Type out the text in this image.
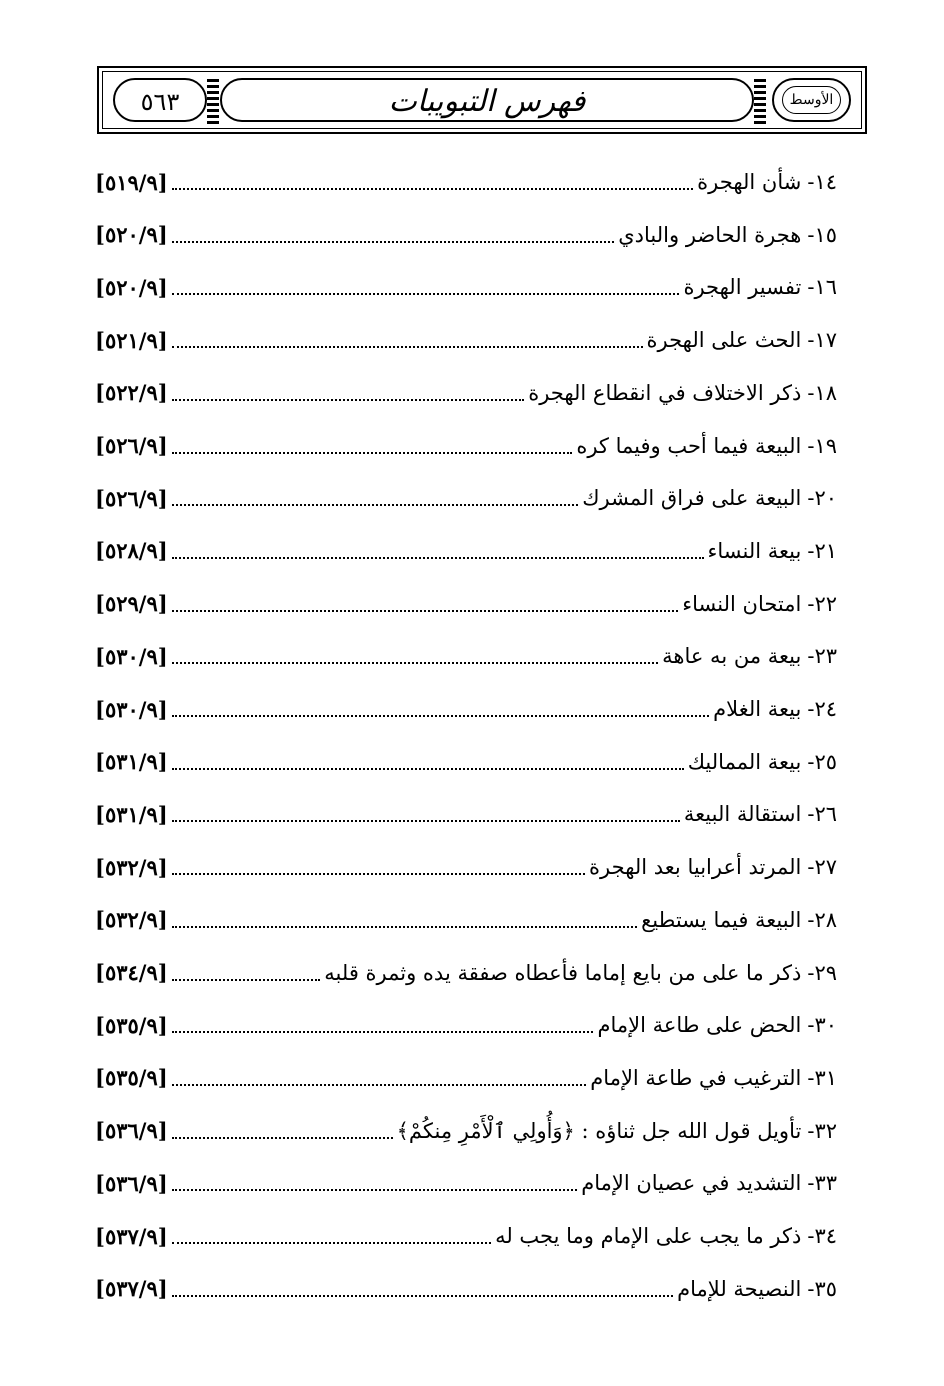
٥٦٣	فهرس التبويبات	الأوسط
١٤-
شأن الهجرة
[٥١٩/٩]
١٥-
هجرة الحاضر والبادي
[٥٢٠/٩]
١٦-
تفسير الهجرة
[٥٢٠/٩]
١٧-
الحث على الهجرة
[٥٢١/٩]
١٨-
ذكر الاختلاف في انقطاع الهجرة
[٥٢٢/٩]
١٩-
البيعة فيما أحب وفيما كره
[٥٢٦/٩]
٢٠-
البيعة على فراق المشرك
[٥٢٦/٩]
٢١-
بيعة النساء
[٥٢٨/٩]
٢٢-
امتحان النساء
[٥٢٩/٩]
٢٣-
بيعة من به عاهة
[٥٣٠/٩]
٢٤-
بيعة الغلام
[٥٣٠/٩]
٢٥-
بيعة المماليك
[٥٣١/٩]
٢٦-
استقالة البيعة
[٥٣١/٩]
٢٧-
المرتد أعرابيا بعد الهجرة
[٥٣٢/٩]
٢٨-
البيعة فيما يستطيع
[٥٣٢/٩]
٢٩-
ذكر ما على من بايع إماما فأعطاه صفقة يده وثمرة قلبه
[٥٣٤/٩]
٣٠-
الحض على طاعة الإمام
[٥٣٥/٩]
٣١-
الترغيب في طاعة الإمام
[٥٣٥/٩]
٣٢-
تأويل قول الله جل ثناؤه : ﴿وَأُولِي ٱلْأَمْرِ مِنكُمْ﴾
[٥٣٦/٩]
٣٣-
التشديد في عصيان الإمام
[٥٣٦/٩]
٣٤-
ذكر ما يجب على الإمام وما يجب له
[٥٣٧/٩]
٣٥-
النصيحة للإمام
[٥٣٧/٩]
